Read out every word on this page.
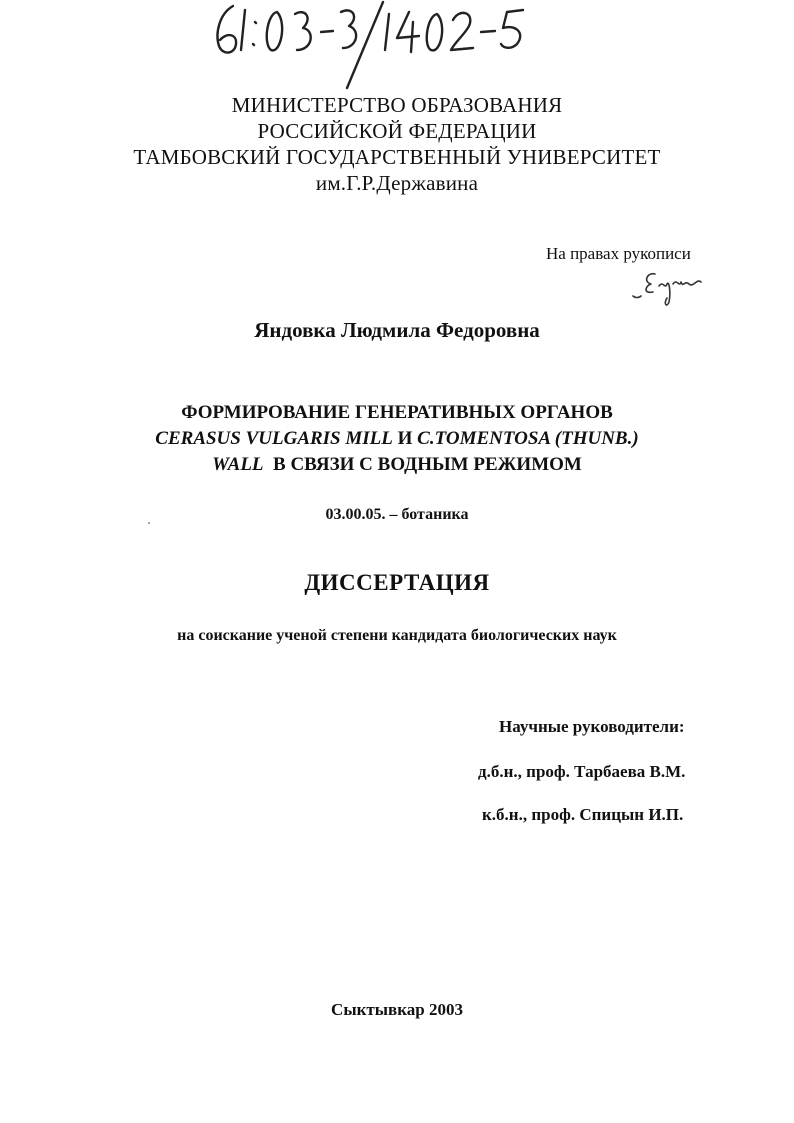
МИНИСТЕРСТВО ОБРАЗОВАНИЯ
РОССИЙСКОЙ ФЕДЕРАЦИИ
ТАМБОВСКИЙ ГОСУДАРСТВЕННЫЙ УНИВЕРСИТЕТ
им.Г.Р.Державина
На правах рукописи
Яндовка Людмила Федоровна
ФОРМИРОВАНИЕ ГЕНЕРАТИВНЫХ ОРГАНОВ
CERASUS VULGARIS MILL И C.TOMENTOSA (THUNB.)
WALL  В СВЯЗИ С ВОДНЫМ РЕЖИМОМ
03.00.05. – ботаника
ДИССЕРТАЦИЯ
на соискание ученой степени кандидата биологических наук
Научные руководители:
д.б.н., проф. Тарбаева В.М.
к.б.н., проф. Спицын И.П.
Сыктывкар 2003
